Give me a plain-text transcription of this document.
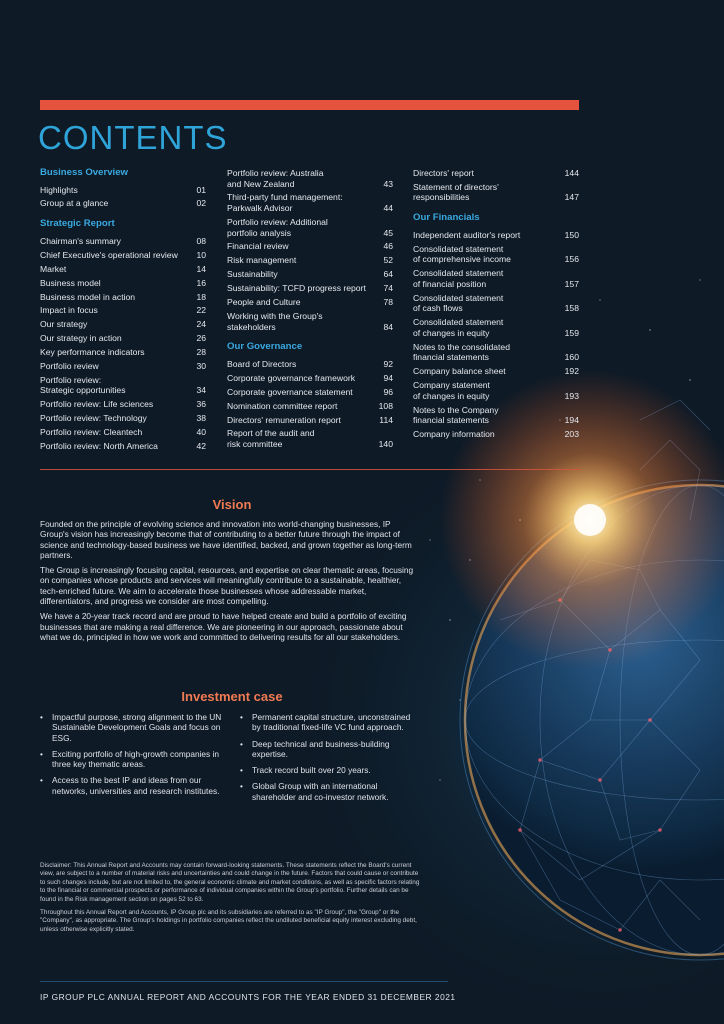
CONTENTS
Business Overview
Highlights	01
Group at a glance	02
Strategic Report
Chairman's summary	08
Chief Executive's operational review	10
Market	14
Business model	16
Business model in action	18
Impact in focus	22
Our strategy	24
Our strategy in action	26
Key performance indicators	28
Portfolio review	30
Portfolio review:
Strategic opportunities	34
Portfolio review: Life sciences	36
Portfolio review: Technology	38
Portfolio review: Cleantech	40
Portfolio review: North America	42
Portfolio review: Australia
and New Zealand	43
Third-party fund management:
Parkwalk Advisor	44
Portfolio review: Additional
portfolio analysis	45
Financial review	46
Risk management	52
Sustainability	64
Sustainability: TCFD progress report	74
People and Culture	78
Working with the Group's
stakeholders	84
Our Governance
Board of Directors	92
Corporate governance framework	94
Corporate governance statement	96
Nomination committee report	108
Directors' remuneration report	114
Report of the audit and
risk committee	140
Directors' report	144
Statement of directors'
responsibilities	147
Our Financials
Independent auditor's report	150
Consolidated statement
of comprehensive income	156
Consolidated statement
of financial position	157
Consolidated statement
of cash flows	158
Consolidated statement
of changes in equity	159
Notes to the consolidated
financial statements	160
Company balance sheet	192
Company statement
of changes in equity	193
Notes to the Company
financial statements	194
Company information	203
Vision

Founded on the principle of evolving science and innovation into world-changing businesses, IP Group's vision has increasingly become that of contributing to a better future through the impact of science and technology-based business we have identified, backed, and grown together as long-term partners.

The Group is increasingly focusing capital, resources, and expertise on clear thematic areas, focusing on companies whose products and services will meaningfully contribute to a sustainable, healthier, tech-enriched future. We aim to accelerate those businesses whose addressable market, differentiators, and progress we consider are most compelling.

We have a 20-year track record and are proud to have helped create and build a portfolio of exciting businesses that are making a real difference. We are pioneering in our approach, passionate about what we do, principled in how we work and committed to delivering results for all our stakeholders.

Investment case
• Impactful purpose, strong alignment to the UN Sustainable Development Goals and focus on ESG.
• Exciting portfolio of high-growth companies in three key thematic areas.
• Access to the best IP and ideas from our networks, universities and research institutes.
• Permanent capital structure, unconstrained by traditional fixed-life VC fund approach.
• Deep technical and business-building expertise.
• Track record built over 20 years.
• Global Group with an international shareholder and co-investor network.

Disclaimer: This Annual Report and Accounts may contain forward-looking statements. These statements reflect the Board's current view, are subject to a number of material risks and uncertainties and could change in the future. Factors that could cause or contribute to such changes include, but are not limited to, the general economic climate and market conditions, as well as specific factors relating to the financial or commercial prospects or performance of individual companies within the Group's portfolio. Further details can be found in the Risk management section on pages 52 to 63.

Throughout this Annual Report and Accounts, IP Group plc and its subsidiaries are referred to as "IP Group", the "Group" or the "Company", as appropriate. The Group's holdings in portfolio companies reflect the undiluted beneficial equity interest excluding debt, unless otherwise explicitly stated.

IP GROUP PLC ANNUAL REPORT AND ACCOUNTS FOR THE YEAR ENDED 31 DECEMBER 2021
